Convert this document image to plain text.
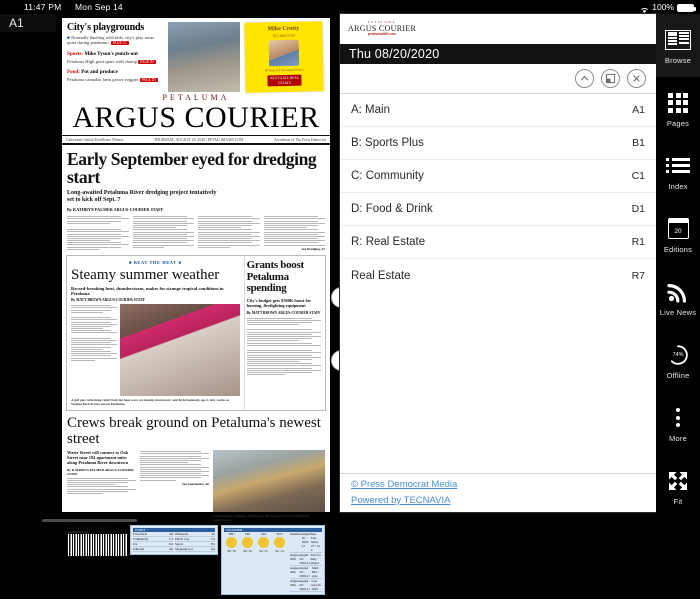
11:47 PM Mon Sep 14	100%
A1	City's playgrounds
■ Normally bustling with kids, city's play areas quiet during pandemic. PAGE C1
Sports: Mike Tyson's punch-out
Petaluma High grad spars with champ PAGE B1
Food: Pot and produce
Petaluma cannabis farm grows veggies PAGE D1
Mike Crotty
707-849-5745
30 Years of Professional Service
WESTGATE REAL ESTATE
PETALUMA
ARGUS COURIER
California Central Excellence Winner	THURSDAY, AUGUST 20, 2020 | PETALUMA360.COM	An edition of The Press Democrat
Early September eyed for dredging start
Long-awaited Petaluma River dredging project tentatively set to kick off Sept. 7
By KATHRYN PALMER ARGUS-COURIER STAFF
See Dredging, A7
■ BEAT THE HEAT ■
Steamy summer weather
Record-breaking heat, thunderstorm, makes for strange tropical conditions in Petaluma
By MATT BROWN ARGUS-COURIER STAFF
A girl gets refreshing relief from the heat wave on Sunday downtown; and Kyla Kennedy, age 2, left, works at Walnut Park in Downtown Petaluma.
Grants boost Petaluma spending
City's budget gets $300K boost for housing, firefighting equipment
By MATT BROWN ARGUS-COURIER STAFF
Crews break ground on Petaluma's newest street
Water Street will connect to Oak Street near 184 apartment units along Petaluma River downtown
By KATHRYN PALMER ARGUS-COURIER STAFF
See Apartments, A6
Construction continues Monday on the location of the North River Apartments.
Petaluma Argus-Courier
petaluma360.com	INDEX
Classifieds	A8
Community	C1
Eat	D1
Editorial	A9
Obituaries	A6
Public Cop	C2
Sports	B1
Shopping Gal	D2
WEATHER
THU
88 / 58
FRI
86 / 56
SAT
84 / 55
SUN
82 / 54
Satellites August 20 / 2020-21
Sun, Tue, Sales: 25 / 10 a.
August 20th
August 20 / 2020-21
Year for daily subject
August 20th
August 20 / 2020-21
Mail: $82 / year
August 20th
August 20 / 2020-21
Last used in 2020
PETALUMA
ARGUS COURIER
petaluma360.com
Thu 08/20/2020
A: Main	A1
B: Sports Plus	B1
C: Community	C1
D: Food & Drink	D1
R: Real Estate	R1
Real Estate	R7
© Press Democrat Media
Powered by TECNAVIA
Browse
Pages
Index
20
Editions
Live News
74%
Offline
More
Fit
